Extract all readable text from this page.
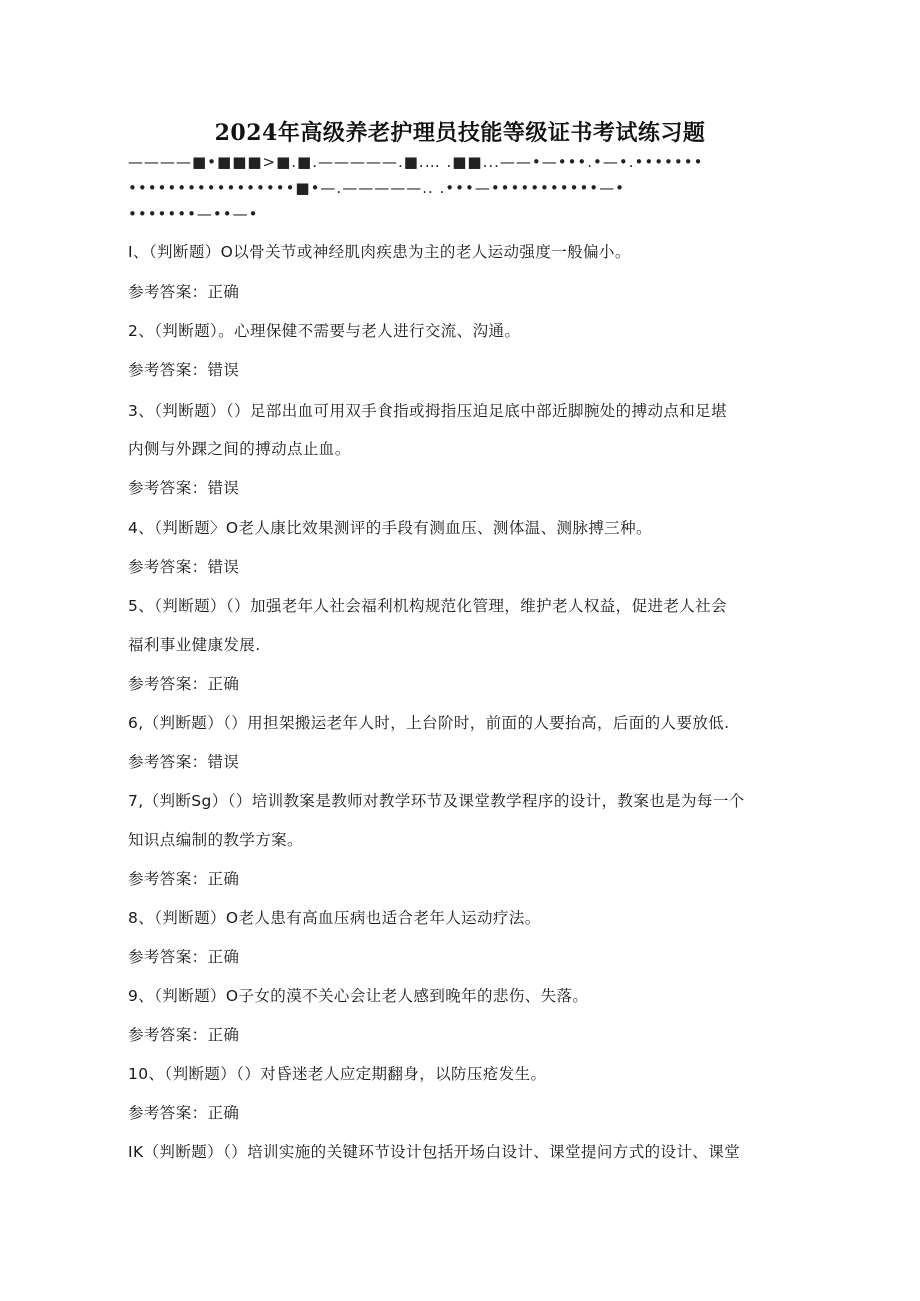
2024年高级养老护理员技能等级证书考试练习题
————■•■■■>■.■.—————.■.… .■■...——•—•••.•—•.•••••••
•••••••••••••••••■•—.—————.. .•••—•••••••••••—•
•••••••—••—•
I、（判断题）O以骨关节或神经肌肉疾患为主的老人运动强度一般偏小。
参考答案：正确
2、（判断题）。心理保健不需要与老人进行交流、沟通。
参考答案：错误
3、（判断题）（）足部出血可用双手食指或拇指压迫足底中部近脚腕处的搏动点和足堪
内侧与外踝之间的搏动点止血。
参考答案：错误
4、（判断题〉O老人康比效果测评的手段有测血压、测体温、测脉搏三种。
参考答案：错误
5、（判断题）（）加强老年人社会福利机构规范化管理，维护老人权益，促进老人社会
福利事业健康发展.
参考答案：正确
6,（判断题）（）用担架搬运老年人时，上台阶时，前面的人要抬高，后面的人要放低.
参考答案：错误
7,（判断Sg）（）培训教案是教师对教学环节及课堂教学程序的设计，教案也是为每一个
知识点编制的教学方案。
参考答案：正确
8、（判断题）O老人患有高血压病也适合老年人运动疗法。
参考答案：正确
9、（判断题）O子女的漠不关心会让老人感到晚年的悲伤、失落。
参考答案：正确
10、（判断题）（）对昏迷老人应定期翻身，以防压疮发生。
参考答案：正确
IK（判断题）（）培训实施的关键环节设计包括开场白设计、课堂提问方式的设计、课堂
